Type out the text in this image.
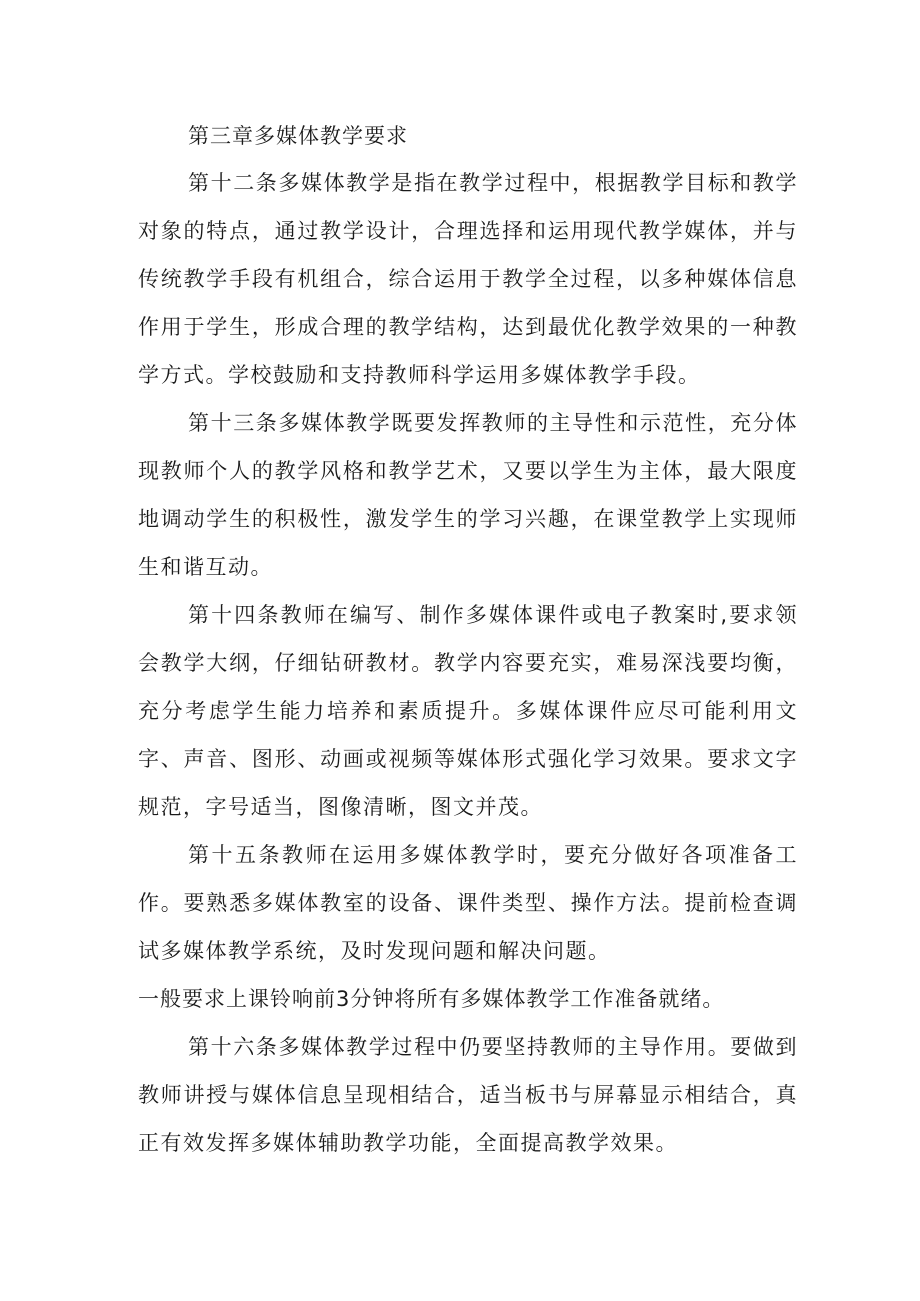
第三章多媒体教学要求

第十二条多媒体教学是指在教学过程中，根据教学目标和教学对象的特点，通过教学设计，合理选择和运用现代教学媒体，并与传统教学手段有机组合，综合运用于教学全过程，以多种媒体信息作用于学生，形成合理的教学结构，达到最优化教学效果的一种教学方式。学校鼓励和支持教师科学运用多媒体教学手段。

第十三条多媒体教学既要发挥教师的主导性和示范性，充分体现教师个人的教学风格和教学艺术，又要以学生为主体，最大限度地调动学生的积极性，激发学生的学习兴趣，在课堂教学上实现师生和谐互动。

第十四条教师在编写、制作多媒体课件或电子教案时,要求领会教学大纲，仔细钻研教材。教学内容要充实，难易深浅要均衡，充分考虑学生能力培养和素质提升。多媒体课件应尽可能利用文字、声音、图形、动画或视频等媒体形式强化学习效果。要求文字规范，字号适当，图像清晰，图文并茂。

第十五条教师在运用多媒体教学时，要充分做好各项准备工作。要熟悉多媒体教室的设备、课件类型、操作方法。提前检查调试多媒体教学系统，及时发现问题和解决问题。

一般要求上课铃响前3分钟将所有多媒体教学工作准备就绪。

第十六条多媒体教学过程中仍要坚持教师的主导作用。要做到教师讲授与媒体信息呈现相结合，适当板书与屏幕显示相结合，真正有效发挥多媒体辅助教学功能，全面提高教学效果。
